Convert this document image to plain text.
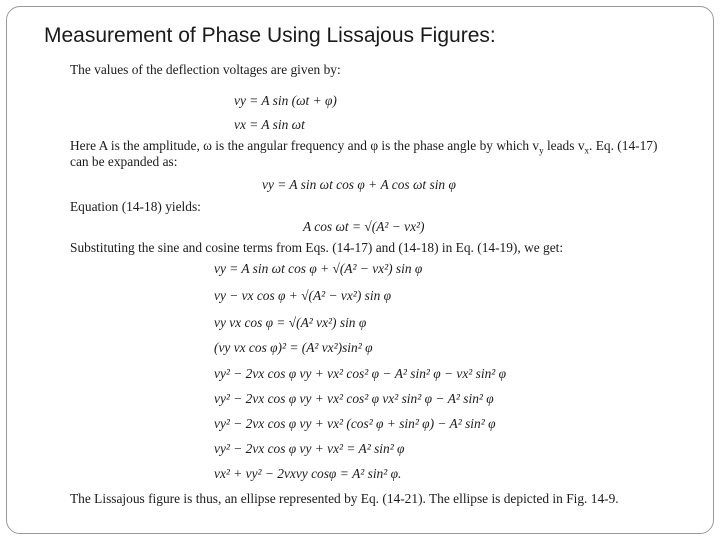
Measurement of Phase Using Lissajous Figures:
The values of the deflection voltages are given by:
vy = A sin (ωt + φ)
vx = A sin ωt
Here A is the amplitude, ω is the angular frequency and φ is the phase angle by which $v_y$ leads $v_x$. Eq. (14-17)
can be expanded as:
vy = A sin ωt cos φ + A cos ωt sin φ
Equation (14-18) yields:
A cos ωt = √(A² − vx²)
Substituting the sine and cosine terms from Eqs. (14-17) and (14-18) in Eq. (14-19), we get:
vy = A sin ωt cos φ + √(A² − vx²) sin φ
vy − vx cos φ + √(A² − vx²) sin φ
vy vx cos φ = √(A² vx²) sin φ
(vy vx cos φ)² = (A² vx²)sin² φ
vy² − 2vx cos φ vy + vx² cos² φ − A² sin² φ − vx² sin² φ
vy² − 2vx cos φ vy + vx² cos² φ vx² sin² φ − A² sin² φ
vy² − 2vx cos φ vy + vx² (cos² φ + sin² φ) − A² sin² φ
vy² − 2vx cos φ vy + vx² = A² sin² φ
vx² + vy² − 2vxvy cosφ = A² sin² φ.
The Lissajous figure is thus, an ellipse represented by Eq. (14-21). The ellipse is depicted in Fig. 14-9.
